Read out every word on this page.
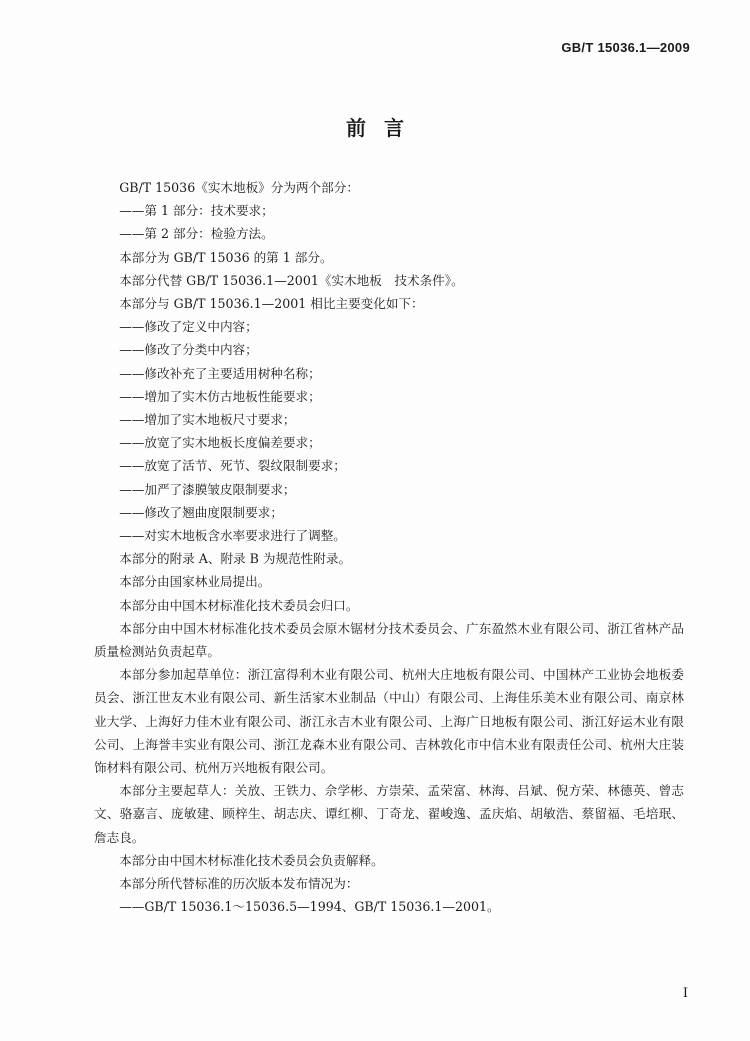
GB/T 15036.1—2009
前言

GB/T 15036《实木地板》分为两个部分：

——第 1 部分：技术要求；

——第 2 部分：检验方法。

本部分为 GB/T 15036 的第 1 部分。

本部分代替 GB/T 15036.1—2001《实木地板　技术条件》。

本部分与 GB/T 15036.1—2001 相比主要变化如下：

——修改了定义中内容；

——修改了分类中内容；

——修改补充了主要适用树种名称；

——增加了实木仿古地板性能要求；

——增加了实木地板尺寸要求；

——放宽了实木地板长度偏差要求；

——放宽了活节、死节、裂纹限制要求；

——加严了漆膜皱皮限制要求；

——修改了翘曲度限制要求；

——对实木地板含水率要求进行了调整。

本部分的附录 A、附录 B 为规范性附录。

本部分由国家林业局提出。

本部分由中国木材标准化技术委员会归口。

本部分由中国木材标准化技术委员会原木锯材分技术委员会、广东盈然木业有限公司、浙江省林产品质量检测站负责起草。

本部分参加起草单位：浙江富得利木业有限公司、杭州大庄地板有限公司、中国林产工业协会地板委员会、浙江世友木业有限公司、新生活家木业制品（中山）有限公司、上海佳乐美木业有限公司、南京林业大学、上海好力佳木业有限公司、浙江永吉木业有限公司、上海广日地板有限公司、浙江好运木业有限公司、上海誉丰实业有限公司、浙江龙森木业有限公司、吉林敦化市中信木业有限责任公司、杭州大庄装饰材料有限公司、杭州万兴地板有限公司。

本部分主要起草人：关放、王铁力、佘学彬、方崇荣、孟荣富、林海、吕斌、倪方荣、林德英、曾志文、骆嘉言、庞敏建、顾梓生、胡志庆、谭红柳、丁奇龙、翟峻逸、孟庆焰、胡敏浩、蔡留福、毛培珉、詹志良。

本部分由中国木材标准化技术委员会负责解释。

本部分所代替标准的历次版本发布情况为：

——GB/T 15036.1～15036.5—1994、GB/T 15036.1—2001。

I
